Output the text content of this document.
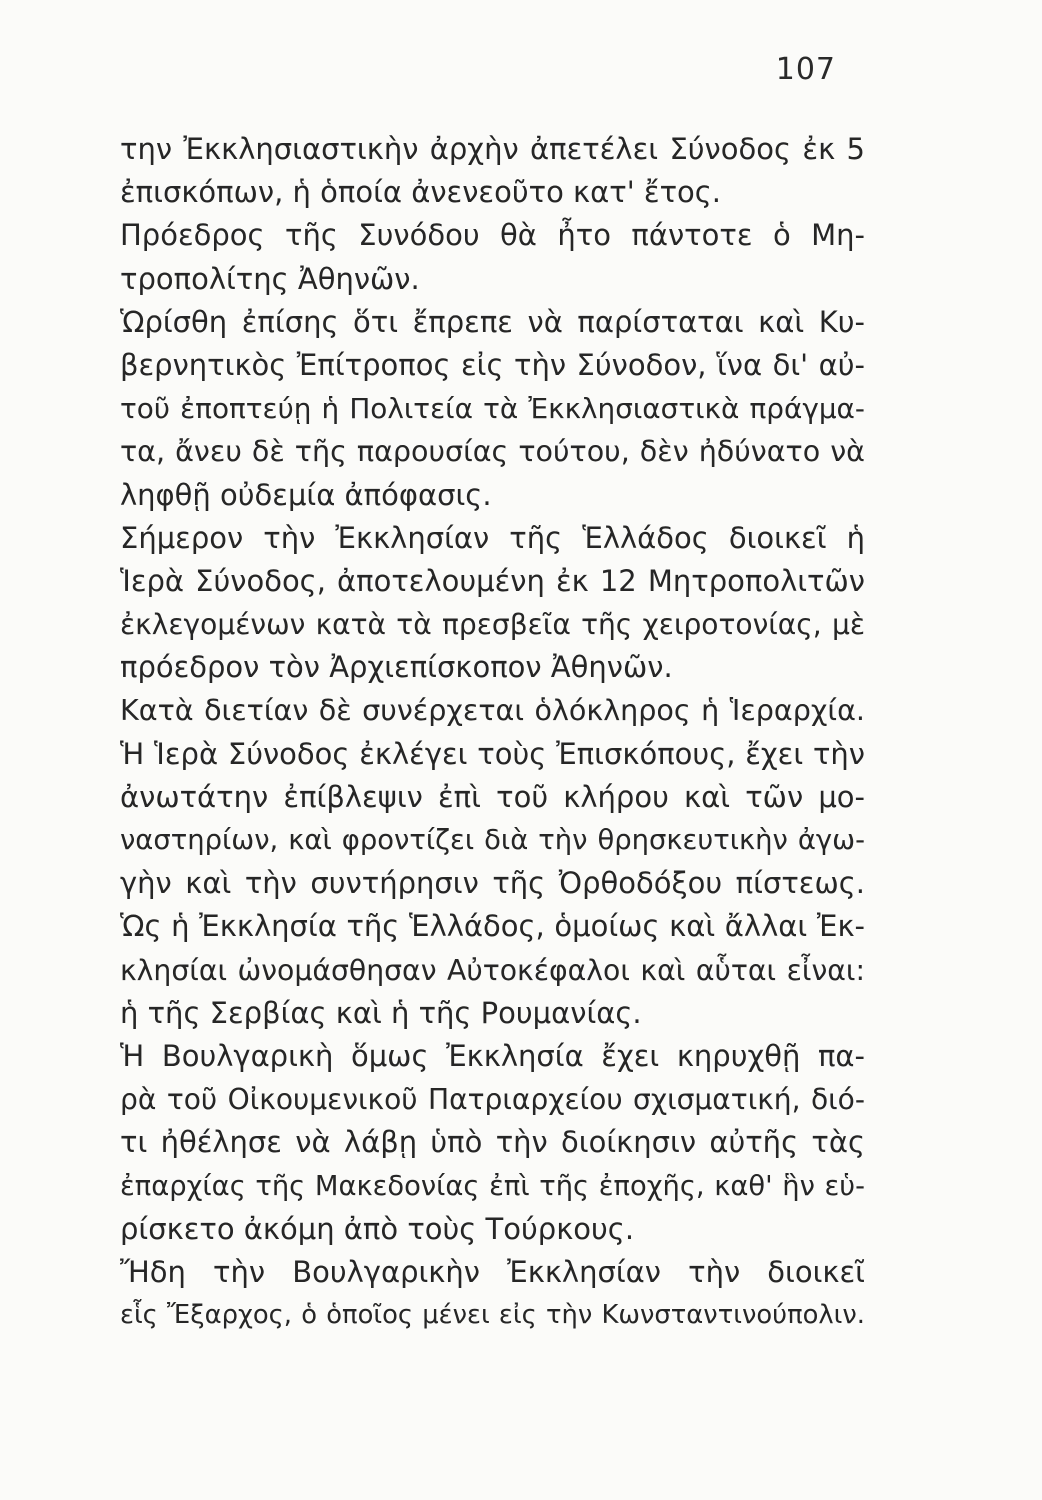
107
την Ἐκκλησιαστικὴν ἀρχὴν ἀπετέλει Σύνοδος ἐκ 5
ἐπισκόπων, ἡ ὁποία ἀνενεοῦτο κατ' ἔτος.
Πρόεδρος τῆς Συνόδου θὰ ἦτο πάντοτε ὁ Μη-
τροπολίτης Ἀθηνῶν.
Ὡρίσθη ἐπίσης ὅτι ἔπρεπε νὰ παρίσταται καὶ Κυ-
βερνητικὸς Ἐπίτροπος εἰς τὴν Σύνοδον, ἵνα δι' αὐ-
τοῦ ἐποπτεύῃ ἡ Πολιτεία τὰ Ἐκκλησιαστικὰ πράγμα-
τα, ἄνευ δὲ τῆς παρουσίας τούτου, δὲν ἠδύνατο νὰ
ληφθῇ οὐδεμία ἀπόφασις.
Σήμερον τὴν Ἐκκλησίαν τῆς Ἑλλάδος διοικεῖ ἡ
Ἱερὰ Σύνοδος, ἀποτελουμένη ἐκ 12 Μητροπολιτῶν
ἐκλεγομένων κατὰ τὰ πρεσβεῖα τῆς χειροτονίας, μὲ
πρόεδρον τὸν Ἀρχιεπίσκοπον Ἀθηνῶν.
Κατὰ διετίαν δὲ συνέρχεται ὁλόκληρος ἡ Ἱεραρχία.
Ἡ Ἱερὰ Σύνοδος ἐκλέγει τοὺς Ἐπισκόπους, ἔχει τὴν
ἀνωτάτην ἐπίβλεψιν ἐπὶ τοῦ κλήρου καὶ τῶν μο-
ναστηρίων, καὶ φροντίζει διὰ τὴν θρησκευτικὴν ἀγω-
γὴν καὶ τὴν συντήρησιν τῆς Ὀρθοδόξου πίστεως.
Ὡς ἡ Ἐκκλησία τῆς Ἑλλάδος, ὁμοίως καὶ ἄλλαι Ἐκ-
κλησίαι ὠνομάσθησαν Αὐτοκέφαλοι καὶ αὗται εἶναι:
ἡ τῆς Σερβίας καὶ ἡ τῆς Ρουμανίας.
Ἡ Βουλγαρικὴ ὅμως Ἐκκλησία ἔχει κηρυχθῇ πα-
ρὰ τοῦ Οἰκουμενικοῦ Πατριαρχείου σχισματική, διό-
τι ἠθέλησε νὰ λάβῃ ὑπὸ τὴν διοίκησιν αὐτῆς τὰς
ἐπαρχίας τῆς Μακεδονίας ἐπὶ τῆς ἐποχῆς, καθ' ἣν εὑ-
ρίσκετο ἀκόμη ἀπὸ τοὺς Τούρκους.
Ἤδη τὴν Βουλγαρικὴν Ἐκκλησίαν τὴν διοικεῖ
εἷς Ἔξαρχος, ὁ ὁποῖος μένει εἰς τὴν Κωνσταντινούπολιν.
